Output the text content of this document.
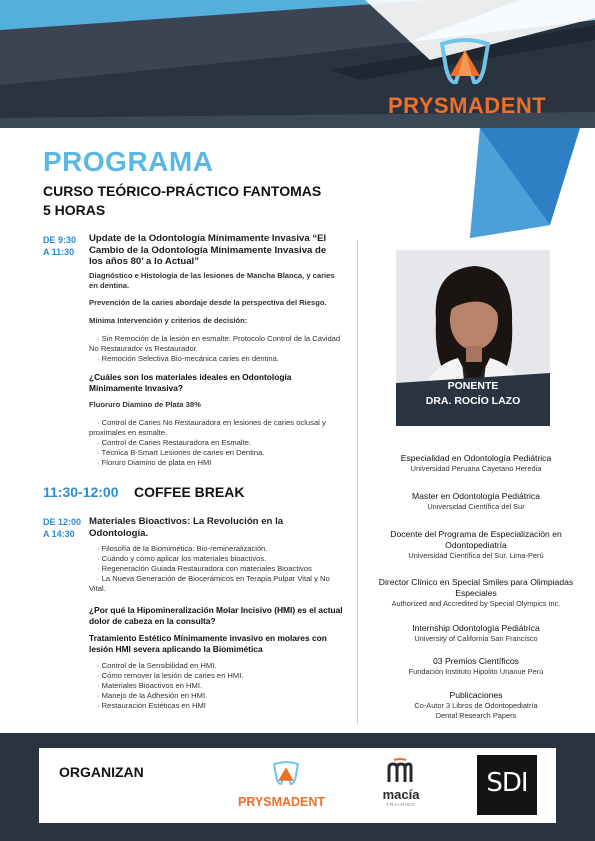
PRYSMADENT
PROGRAMA
CURSO TEÓRICO-PRÁCTICO FANTOMAS
5 HORAS
DE 9:30
A 11:30
Update de la Odontología Mínimamente Invasiva “El Cambio de la Odontología Mínimamente Invasiva de los años 80’ a lo Actual”
Diagnóstico e Histología de las lesiones de Mancha Blanca, y caries en dentina.
Prevención de la caries abordaje desde la perspectiva del Riesgo.
Mínima Intervención y criterios de decisión:
· Sin Remoción de la lesión en esmalte: Protocolo Control de la Cavidad No Restaurador vs Restaurador.
· Remoción Selectiva Bio-mecánica caries en dentina.
¿Cuáles son los materiales ideales en Odontología Mínimamente Invasiva?
Fluoruro Diamino de Plata 38%
· Control de Caries No Restauradora en lesiones de caries oclusal y proximales en esmalte.
· Control de Caries Restauradora en Esmalte.
· Técnica B-Smart Lesiones de caries en Dentina.
· Floruro Diamino de plata en HMI
11:30-12:00 COFFEE BREAK
DE 12:00
A 14:30
Materiales Bioactivos: La Revolución en la Odontología.
· Filosofía de la Biomimética: Bio-remineralización.
· Cuándo y cómo aplicar los materiales bioactivos.
· Regeneración Guiada Restauradora con materiales Bioactivos
· La Nueva Generación de Biocerámicos en Terapia Pulpar Vital y No Vital.
¿Por qué la Hipomineralización Molar Incisivo (HMI) es el actual dolor de cabeza en la consulta?
Tratamiento Estético Mínimamente invasivo en molares con lesión HMI severa aplicando la Biomimética
· Control de la Sensibilidad en HMI.
· Cómo remover la lesión de caries en HMI.
· Materiales Bioactivos en HMI.
· Manejo de la Adhesión en HMI.
· Restauración Estéticas en HMI
PONENTE
DRA. ROCÍO LAZO
Especialidad en Odontología Pediátrica
Universidad Peruana Cayetano Heredia
Master en Odontología Pediátrica
Universidad Científica del Sur
Docente del Programa de Especialización en Odontopediatría
Universidad Científica del Sur. Lima-Perú
Director Clínico en Special Smiles para Olimpiadas Especiales
Authorized and Accredited by Special Olympics Inc.
Internship Odontología Pediátrica
University of California San Francisco
03 Premios Científicos
Fundación Instituto Hipolito Unanue Perú
Publicaciones
Co-Autor 3 Libros de Odontopediatría
Dental Research Papers
ORGANIZAN
PRYSMADENT	macía
TRAINING
SDI
